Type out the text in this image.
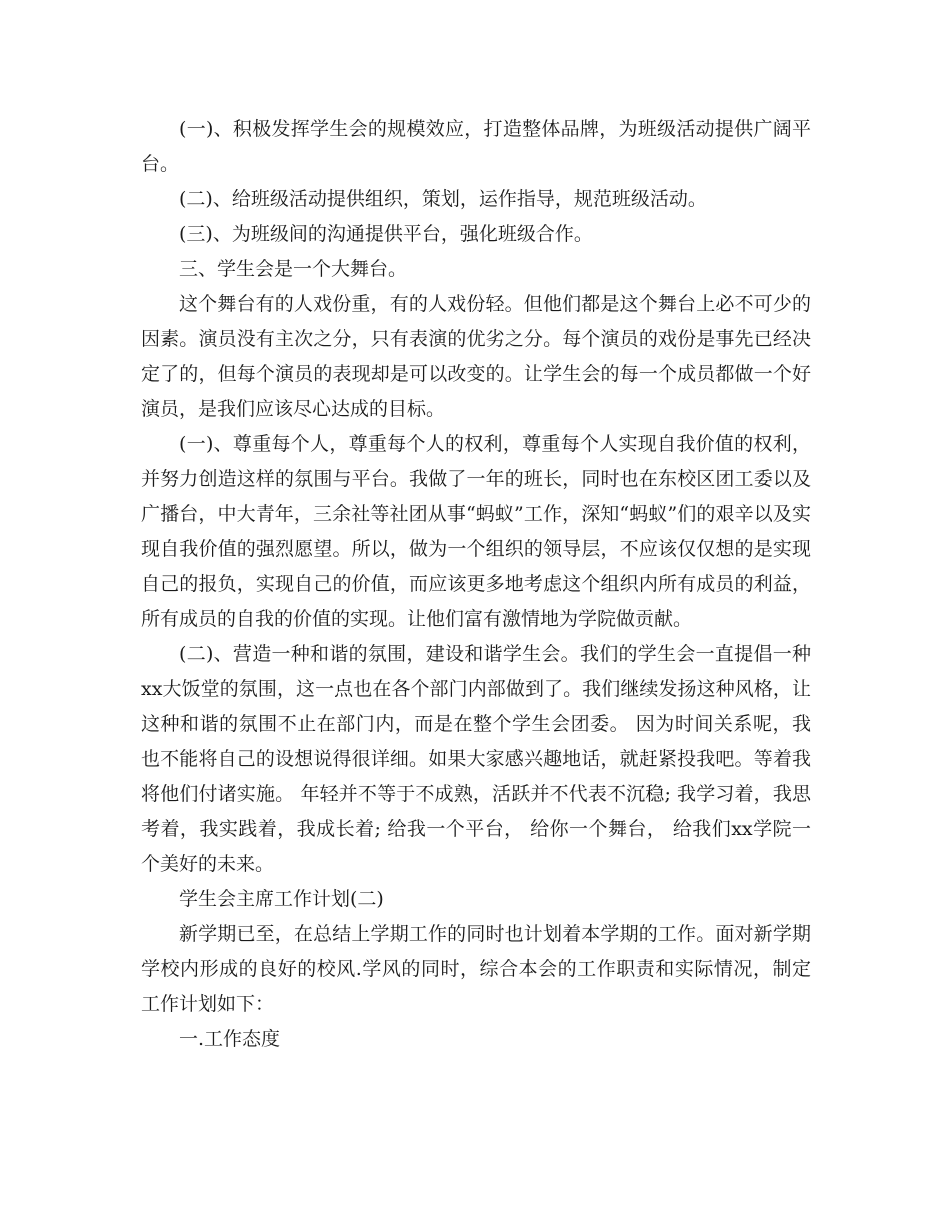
(一)、积极发挥学生会的规模效应，打造整体品牌，为班级活动提供广阔平台。

(二)、给班级活动提供组织，策划，运作指导，规范班级活动。

(三)、为班级间的沟通提供平台，强化班级合作。

三、学生会是一个大舞台。

这个舞台有的人戏份重，有的人戏份轻。但他们都是这个舞台上必不可少的因素。演员没有主次之分，只有表演的优劣之分。每个演员的戏份是事先已经决定了的，但每个演员的表现却是可以改变的。让学生会的每一个成员都做一个好演员，是我们应该尽心达成的目标。

(一)、尊重每个人，尊重每个人的权利，尊重每个人实现自我价值的权利，并努力创造这样的氛围与平台。我做了一年的班长，同时也在东校区团工委以及广播台，中大青年，三余社等社团从事“蚂蚁”工作，深知“蚂蚁”们的艰辛以及实现自我价值的强烈愿望。所以，做为一个组织的领导层，不应该仅仅想的是实现自己的报负，实现自己的价值，而应该更多地考虑这个组织内所有成员的利益，所有成员的自我的价值的实现。让他们富有激情地为学院做贡献。

(二)、营造一种和谐的氛围，建设和谐学生会。我们的学生会一直提倡一种xx大饭堂的氛围，这一点也在各个部门内部做到了。我们继续发扬这种风格，让这种和谐的氛围不止在部门内，而是在整个学生会团委。 因为时间关系呢，我也不能将自己的设想说得很详细。如果大家感兴趣地话，就赶紧投我吧。等着我将他们付诸实施。 年轻并不等于不成熟，活跃并不代表不沉稳; 我学习着，我思考着，我实践着，我成长着; 给我一个平台， 给你一个舞台， 给我们xx学院一个美好的未来。

学生会主席工作计划(二)

新学期已至，在总结上学期工作的同时也计划着本学期的工作。面对新学期学校内形成的良好的校风.学风的同时，综合本会的工作职责和实际情况，制定工作计划如下：

一.工作态度
